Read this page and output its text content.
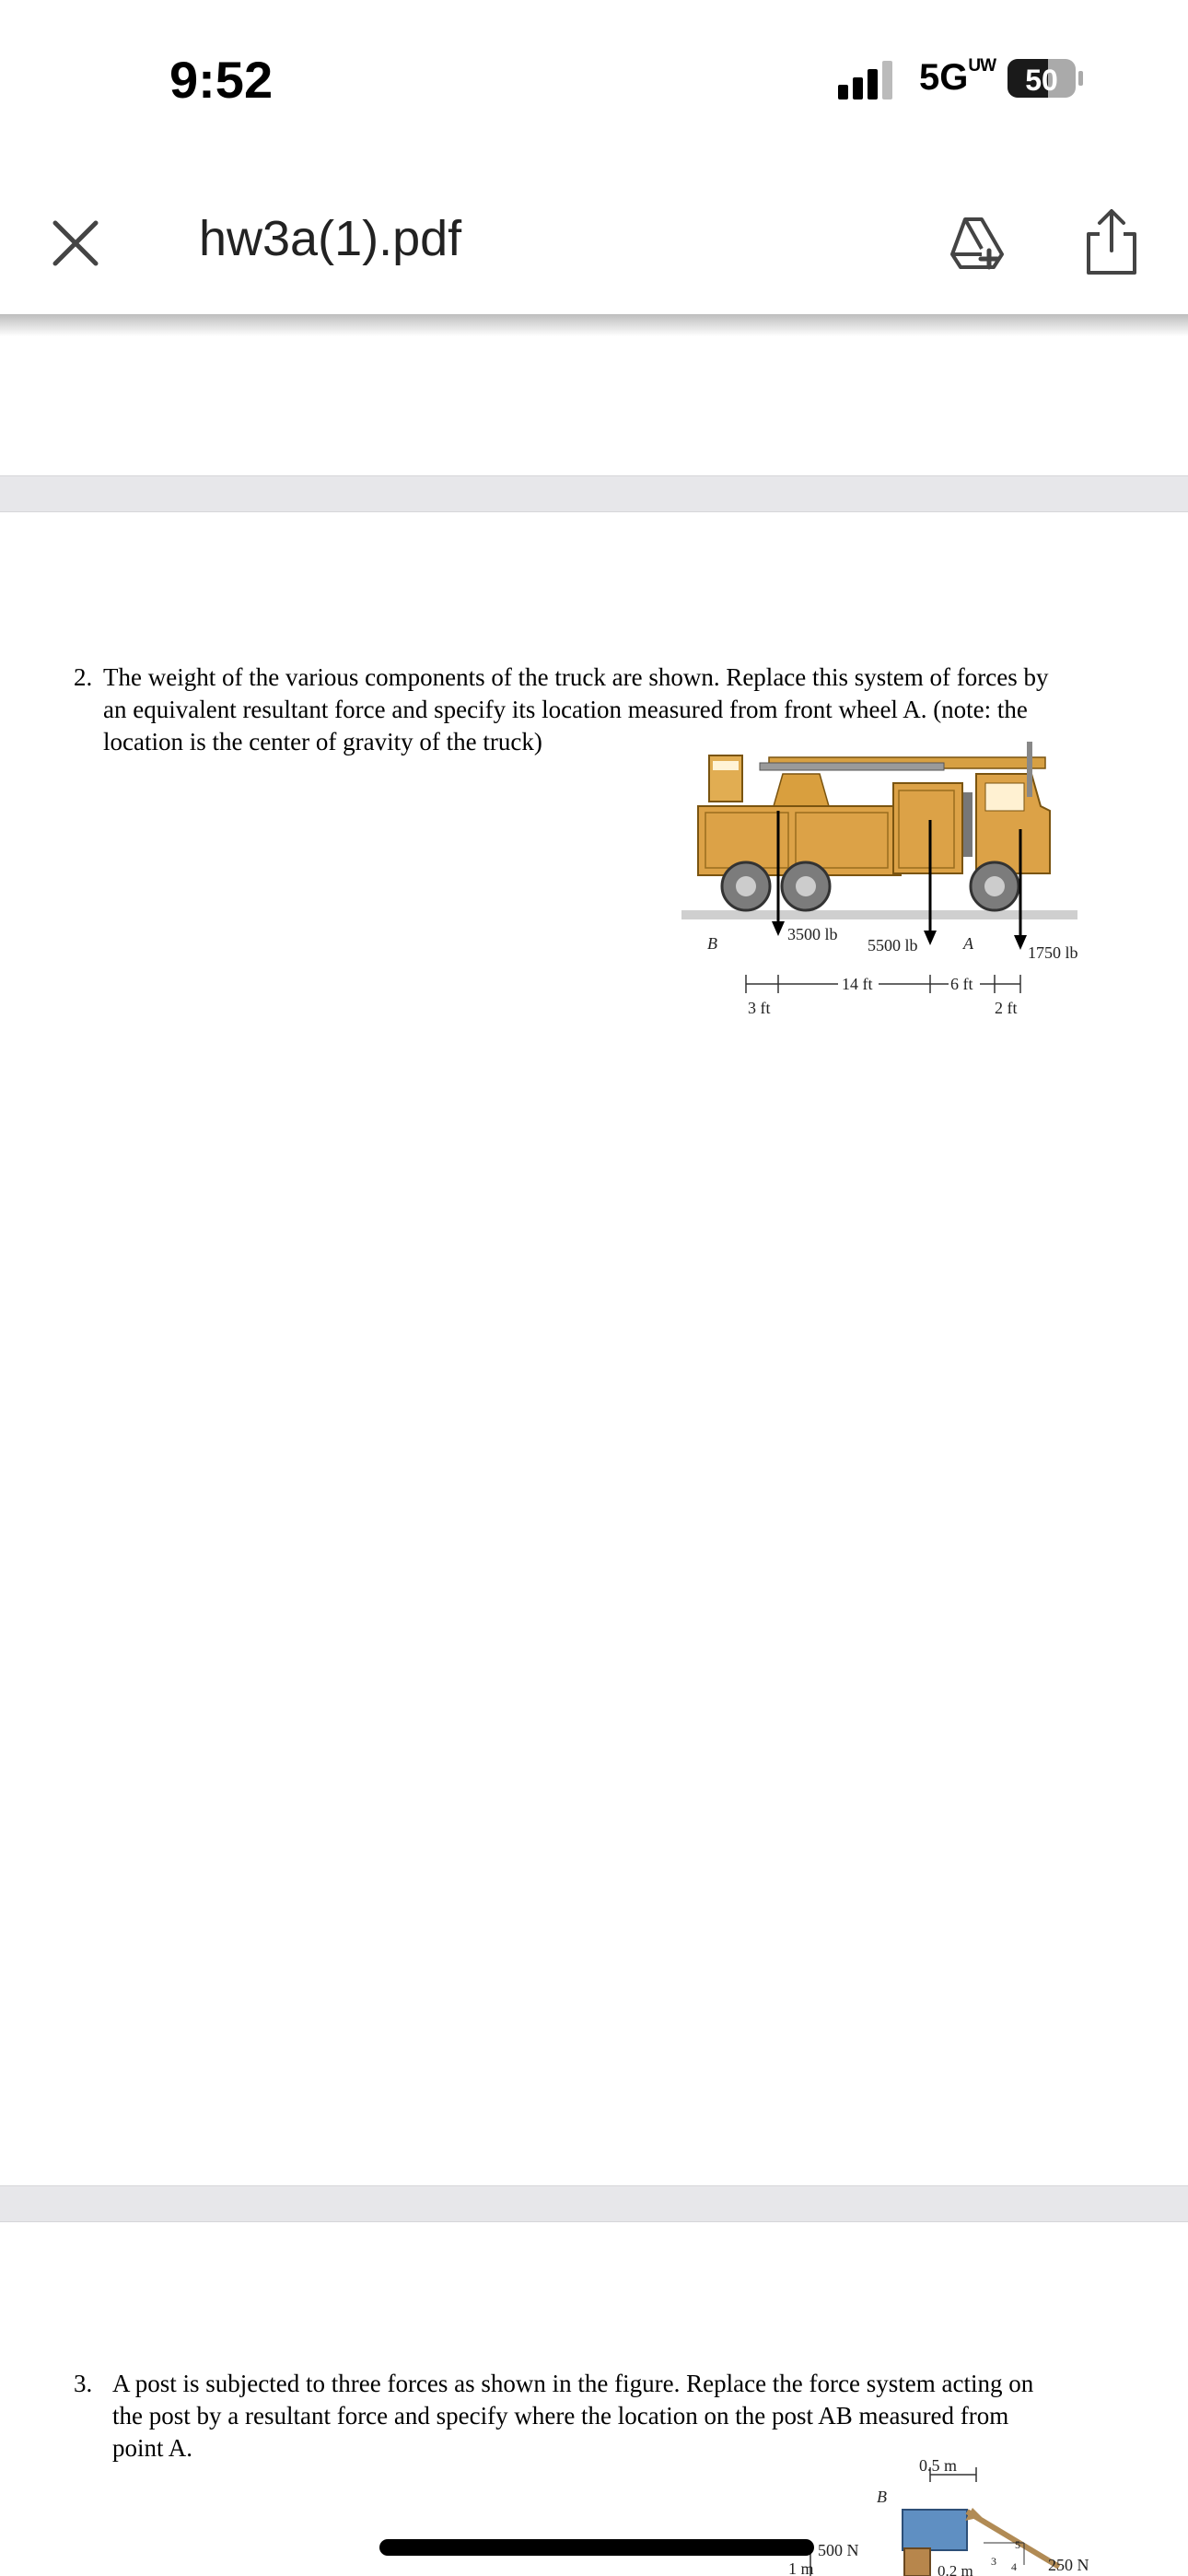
9:52	5GUW 50
hw3a(1).pdf
2. The weight of the various components of the truck are shown. Replace this system of forces by
an equivalent resultant force and specify its location measured from front wheel A. (note: the
location is the center of gravity of the truck)
3500 lb
5500 lb	1750 lb
B	A
14 ft	6 ft
3 ft	2 ft
3. A post is subjected to three forces as shown in the figure. Replace the force system acting on
the post by a resultant force and specify where the location on the post AB measured from
point A.
0.5 m
B
500 N
1 m	0.2 m
3 4
5
250 N
